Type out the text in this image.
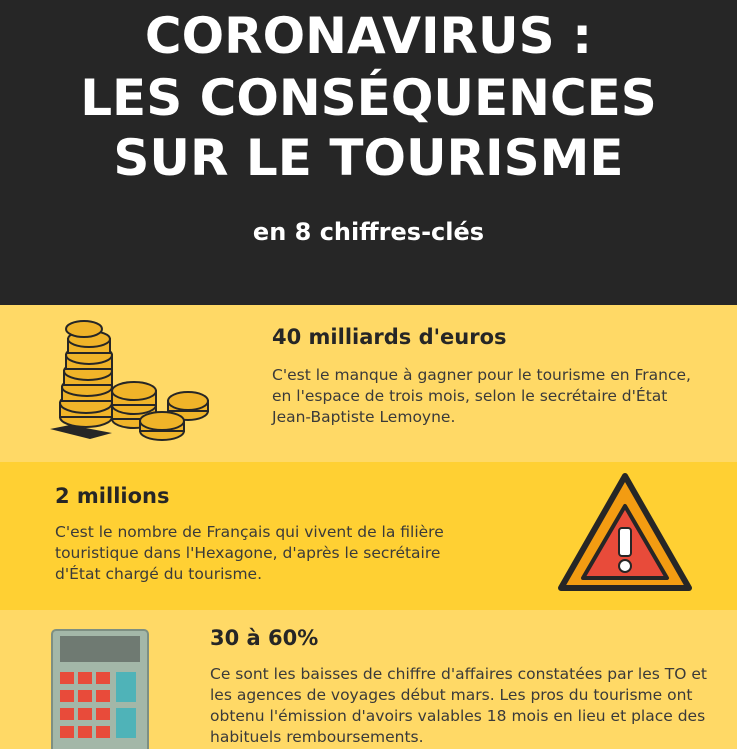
CORONAVIRUS :
LES CONSÉQUENCES
SUR LE TOURISME
en 8 chiffres-clés
40 milliards d'euros
C'est le manque à gagner pour le tourisme en France, en l'espace de trois mois, selon le secrétaire d'État Jean-Baptiste Lemoyne.
2 millions
C'est le nombre de Français qui vivent de la filière touristique dans l'Hexagone, d'après le secrétaire d'État chargé du tourisme.
30 à 60%
Ce sont les baisses de chiffre d'affaires constatées par les TO et les agences de voyages début mars. Les pros du tourisme ont obtenu l'émission d'avoirs valables 18 mois en lieu et place des habituels remboursements.
